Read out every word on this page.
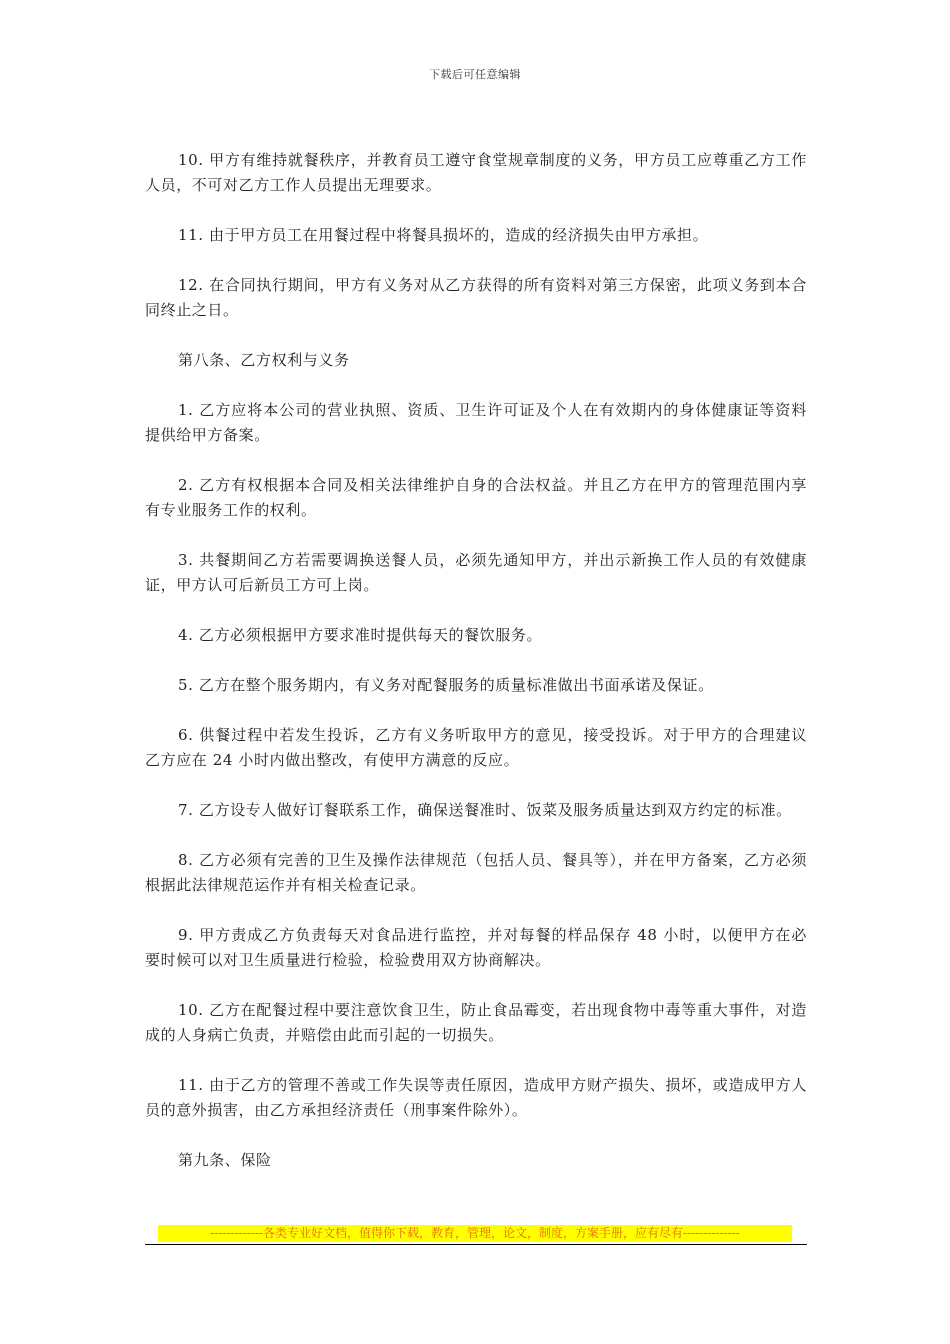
下载后可任意编辑

10. 甲方有维持就餐秩序，并教育员工遵守食堂规章制度的义务，甲方员工应尊重乙方工作人员，不可对乙方工作人员提出无理要求。

11. 由于甲方员工在用餐过程中将餐具损坏的，造成的经济损失由甲方承担。

12. 在合同执行期间，甲方有义务对从乙方获得的所有资料对第三方保密，此项义务到本合同终止之日。

第八条、乙方权利与义务

1. 乙方应将本公司的营业执照、资质、卫生许可证及个人在有效期内的身体健康证等资料提供给甲方备案。

2. 乙方有权根据本合同及相关法律维护自身的合法权益。并且乙方在甲方的管理范围内享有专业服务工作的权利。

3. 共餐期间乙方若需要调换送餐人员，必须先通知甲方，并出示新换工作人员的有效健康证，甲方认可后新员工方可上岗。

4. 乙方必须根据甲方要求准时提供每天的餐饮服务。

5. 乙方在整个服务期内，有义务对配餐服务的质量标准做出书面承诺及保证。

6. 供餐过程中若发生投诉，乙方有义务听取甲方的意见，接受投诉。对于甲方的合理建议乙方应在 24 小时内做出整改，有使甲方满意的反应。

7. 乙方设专人做好订餐联系工作，确保送餐准时、饭菜及服务质量达到双方约定的标准。

8. 乙方必须有完善的卫生及操作法律规范（包括人员、餐具等），并在甲方备案，乙方必须根据此法律规范运作并有相关检查记录。

9. 甲方责成乙方负责每天对食品进行监控，并对每餐的样品保存 48 小时，以便甲方在必要时候可以对卫生质量进行检验，检验费用双方协商解决。

10. 乙方在配餐过程中要注意饮食卫生，防止食品霉变，若出现食物中毒等重大事件，对造成的人身病亡负责，并赔偿由此而引起的一切损失。

11. 由于乙方的管理不善或工作失误等责任原因，造成甲方财产损失、损坏，或造成甲方人员的意外损害，由乙方承担经济责任（刑事案件除外）。

第九条、保险

-------------各类专业好文档，值得你下载，教育，管理，论文，制度，方案手册，应有尽有--------------
